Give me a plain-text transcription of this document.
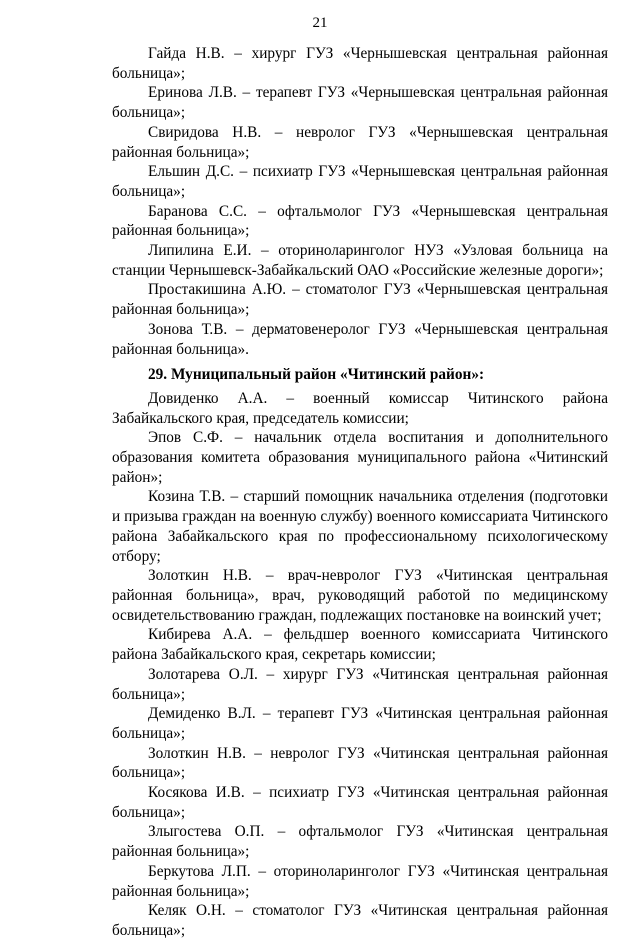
21

Гайда Н.В. – хирург ГУЗ «Чернышевская центральная районная больница»;

Еринова Л.В. – терапевт ГУЗ «Чернышевская центральная районная больница»;

Свиридова Н.В. – невролог ГУЗ «Чернышевская центральная районная больница»;

Ельшин Д.С. – психиатр ГУЗ «Чернышевская центральная районная больница»;

Баранова С.С. – офтальмолог ГУЗ «Чернышевская центральная районная больница»;

Липилина Е.И. – оториноларинголог НУЗ «Узловая больница на станции Чернышевск-Забайкальский ОАО «Российские железные дороги»;

Простакишина А.Ю. – стоматолог ГУЗ «Чернышевская центральная районная больница»;

Зонова Т.В. – дерматовенеролог ГУЗ «Чернышевская центральная районная больница».

29. Муниципальный район «Читинский район»:

Довиденко А.А. – военный комиссар Читинского района Забайкальского края, председатель комиссии;

Эпов С.Ф. – начальник отдела воспитания и дополнительного образования комитета образования муниципального района «Читинский район»;

Козина Т.В. – старший помощник начальника отделения (подготовки и призыва граждан на военную службу) военного комиссариата Читинского района Забайкальского края по профессиональному психологическому отбору;

Золоткин Н.В. – врач-невролог ГУЗ «Читинская центральная районная больница», врач, руководящий работой по медицинскому освидетельствованию граждан, подлежащих постановке на воинский учет;

Кибирева А.А. – фельдшер военного комиссариата Читинского района Забайкальского края, секретарь комиссии;

Золотарева О.Л. – хирург ГУЗ «Читинская центральная районная больница»;

Демиденко В.Л. – терапевт ГУЗ «Читинская центральная районная больница»;

Золоткин Н.В. – невролог ГУЗ «Читинская центральная районная больница»;

Косякова И.В. – психиатр ГУЗ «Читинская центральная районная больница»;

Злыгостева О.П. – офтальмолог ГУЗ «Читинская центральная районная больница»;

Беркутова Л.П. – оториноларинголог ГУЗ «Читинская центральная районная больница»;

Келяк О.Н. – стоматолог ГУЗ «Читинская центральная районная больница»;
